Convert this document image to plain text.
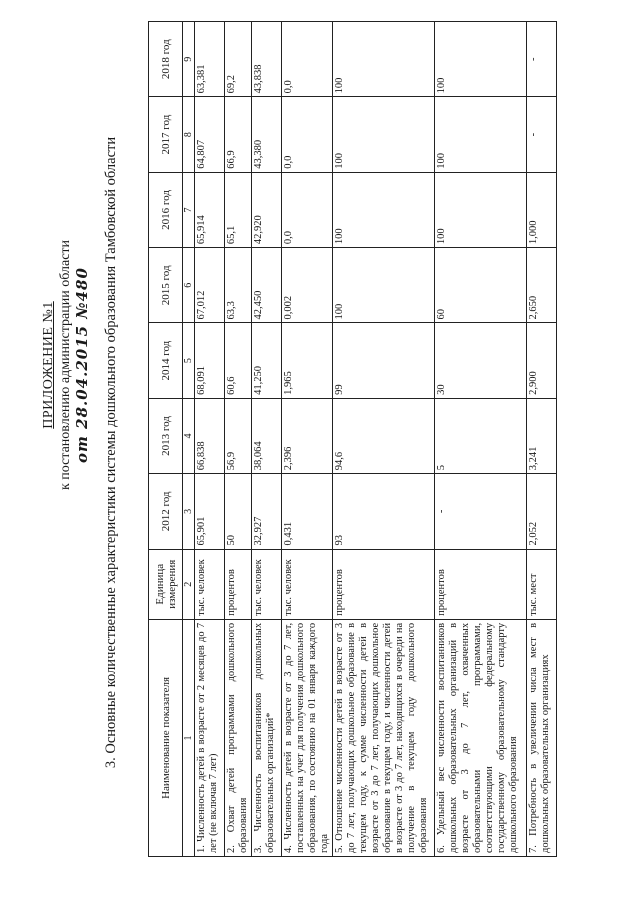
ПРИЛОЖЕНИЕ №1 к постановлению администрации области от 28.04.2015 №480 3. Основные количественные характеристики системы дошкольного образования Тамбовской области	Наименование показателя	Единица измерения	2012 год	2013 год	2014 год	2015 год	2016 год	2017 год	2018 год
1	2	3	4	5	6	7	8	9
1. Численность детей в возрасте от 2 месяцев до 7 лет (не включая 7 лет)	тыс. человек	65,901	66,838	68,091	67,012	65,914	64,807	63,381
2. Охват детей программами дошкольного образования	процентов	50	56,9	60,6	63,3	65,1	66,9	69,2
3. Численность воспитанников дошкольных образовательных организаций*	тыс. человек	32,927	38,064	41,250	42,450	42,920	43,380	43,838
4. Численность детей в возрасте от 3 до 7 лет, поставленных на учет для получения дошкольного образования, по состоянию на 01 января каждого года	тыс. человек	0,431	2,396	1,965	0,002	0,0	0,0	0,0
5. Отношение численности детей в возрасте от 3 до 7 лет, получающих дошкольное образование в текущем году, к сумме численности детей в возрасте от 3 до 7 лет, получающих дошкольное образование в текущем году, и численности детей в возрасте от 3 до 7 лет, находящихся в очереди на получение в текущем году дошкольного образования	процентов	93	94,6	99	100	100	100	100
6. Удельный вес численности воспитанников дошкольных образовательных организаций в возрасте от 3 до 7 лет, охваченных образовательными программами, соответствующими федеральному государственному образовательному стандарту дошкольного образования	процентов	-	5	30	60	100	100	100
7. Потребность в увеличении числа мест в дошкольных образовательных организациях	тыс. мест	2,052	3,241	2,900	2,650	1,000	-	-
